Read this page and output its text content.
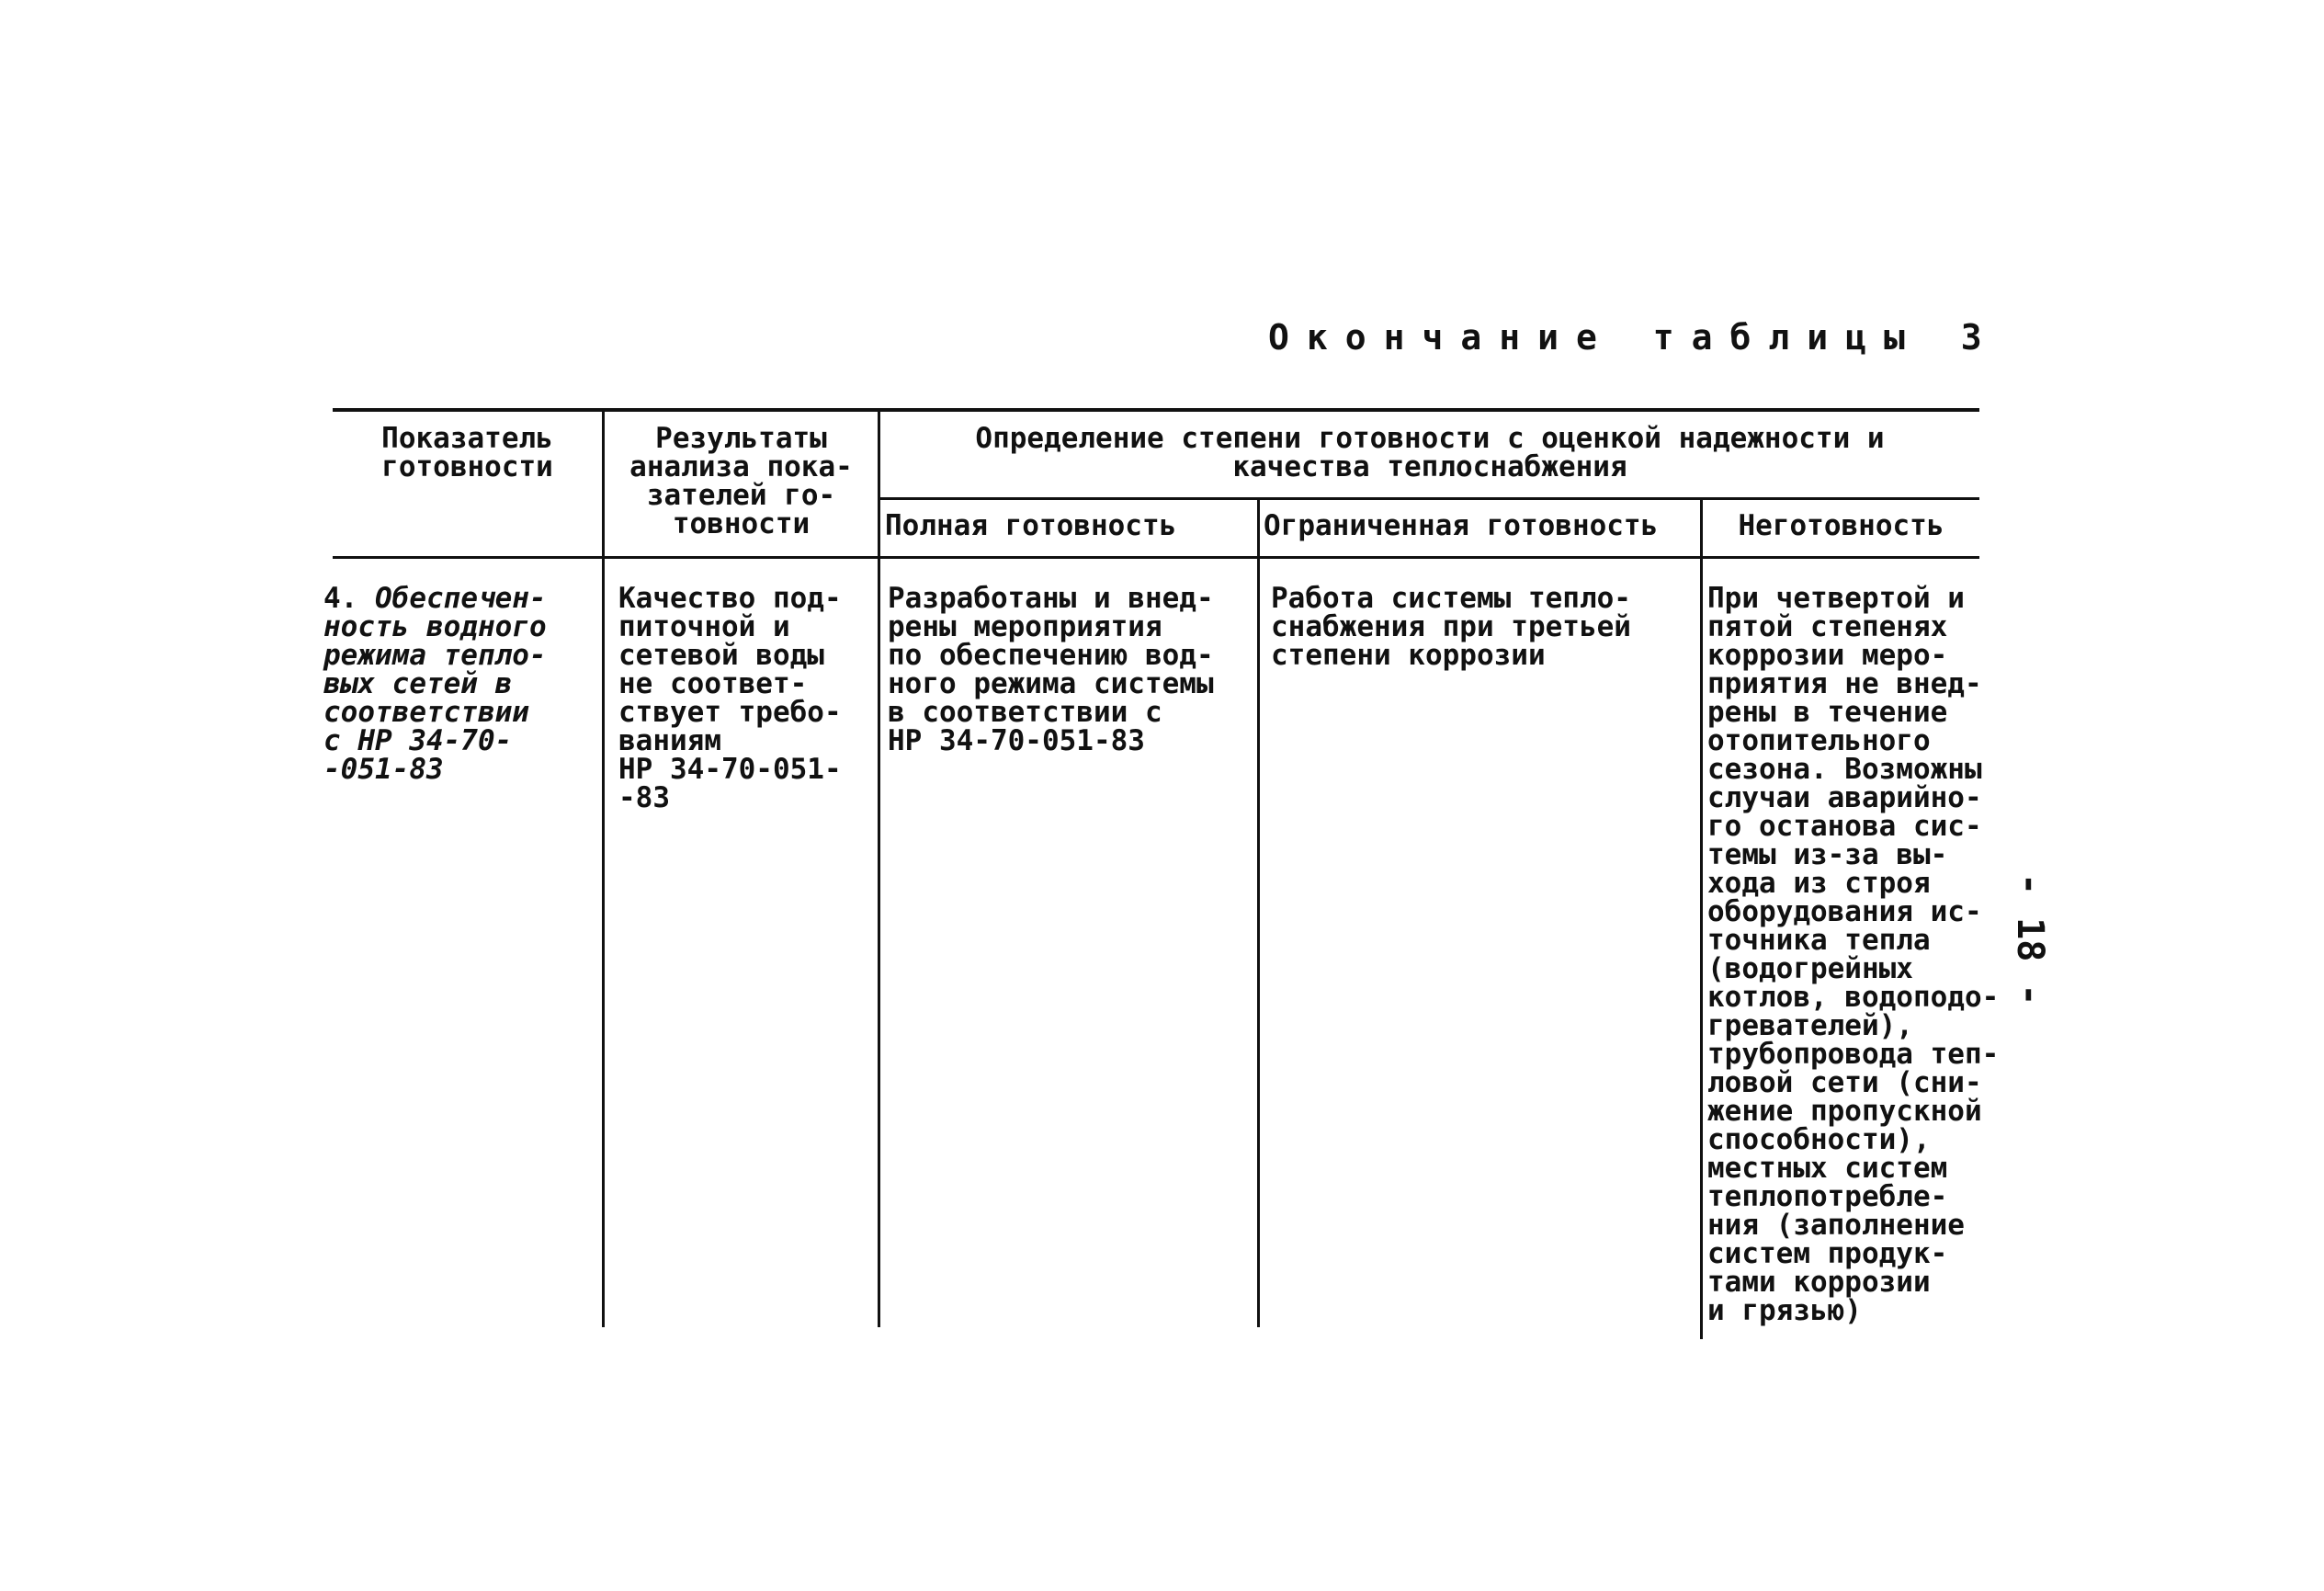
Окончание таблицы 3
- 18 -
Показатель
готовности
Результаты
анализа пока-
зателей го-
товности
Определение степени готовности с оценкой надежности и
качества теплоснабжения
Полная готовность	Ограниченная готовность	Неготовность
4. Обеспечен-
ность водного
режима тепло-
вых сетей в
соответствии
с НР 34-70-
-051-83
Качество под-
питочной и
сетевой воды
не соответ-
ствует требо-
ваниям
НР 34-70-051-
-83
Разработаны и внед-
рены мероприятия
по обеспечению вод-
ного режима системы
в соответствии с
НР 34-70-051-83
Работа системы тепло-
снабжения при третьей
степени коррозии
При четвертой и
пятой степенях
коррозии меро-
приятия не внед-
рены в течение
отопительного
сезона. Возможны
случаи аварийно-
го останова сис-
темы из-за вы-
хода из строя
оборудования ис-
точника тепла
(водогрейных
котлов, водоподо-
гревателей),
трубопровода теп-
ловой сети (сни-
жение пропускной
способности),
местных систем
теплопотребле-
ния (заполнение
систем продук-
тами коррозии
и грязью)
